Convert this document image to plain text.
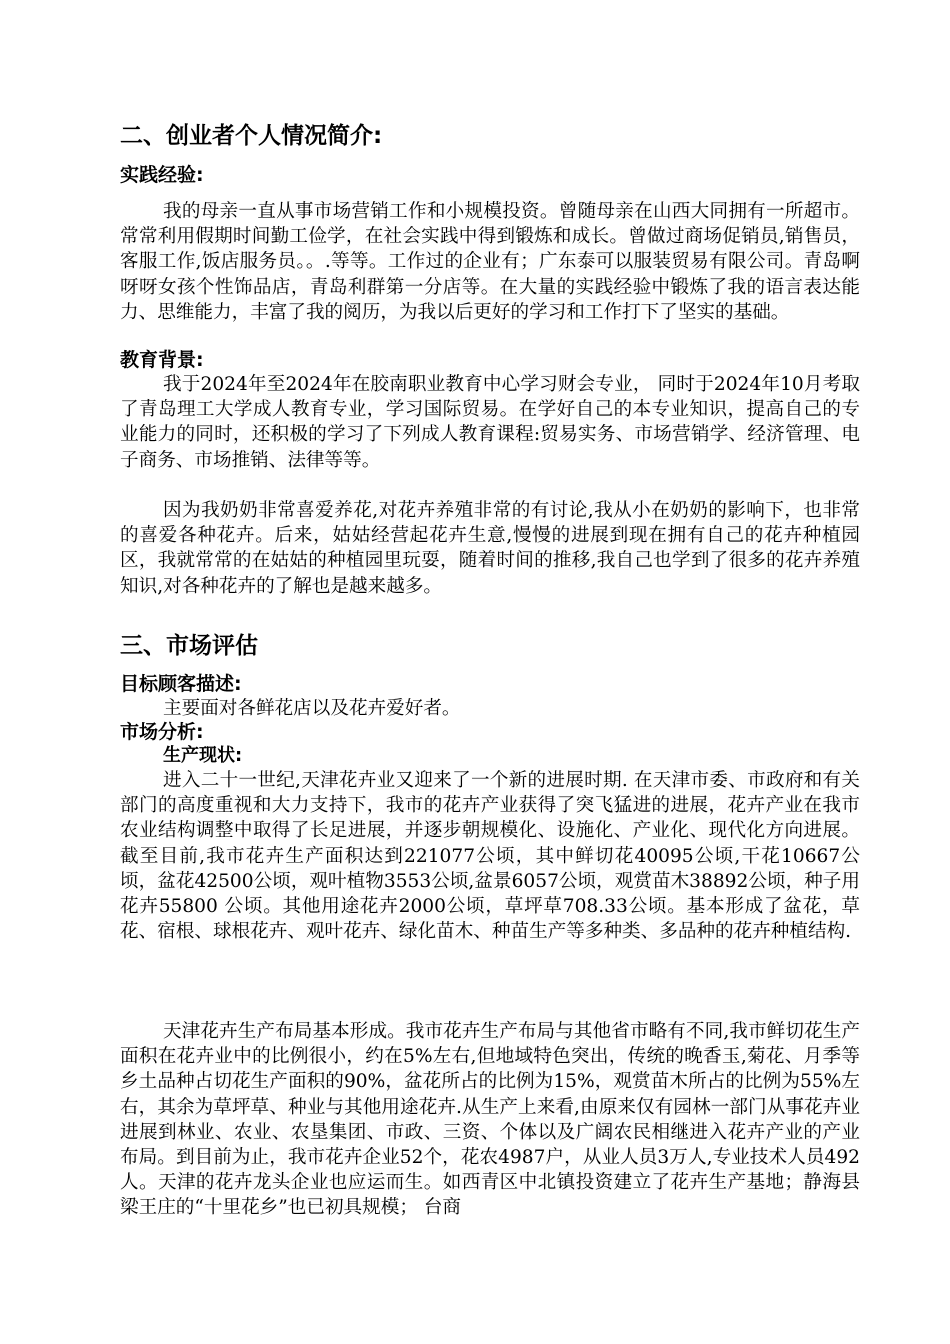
二、创业者个人情况简介:
实践经验:

我的母亲一直从事市场营销工作和小规模投资。曾随母亲在山西大同拥有一所超市。常常利用假期时间勤工俭学，在社会实践中得到锻炼和成长。曾做过商场促销员,销售员，客服工作,饭店服务员。。.等等。工作过的企业有；广东泰可以服装贸易有限公司。青岛啊呀呀女孩个性饰品店，青岛利群第一分店等。在大量的实践经验中锻炼了我的语言表达能力、思维能力，丰富了我的阅历，为我以后更好的学习和工作打下了坚实的基础。

教育背景:

我于2024年至2024年在胶南职业教育中心学习财会专业， 同时于2024年10月考取了青岛理工大学成人教育专业，学习国际贸易。在学好自己的本专业知识，提高自己的专业能力的同时，还积极的学习了下列成人教育课程:贸易实务、市场营销学、经济管理、电子商务、市场推销、法律等等。

因为我奶奶非常喜爱养花,对花卉养殖非常的有讨论,我从小在奶奶的影响下，也非常的喜爱各种花卉。后来，姑姑经营起花卉生意,慢慢的进展到现在拥有自己的花卉种植园区，我就常常的在姑姑的种植园里玩耍，随着时间的推移,我自己也学到了很多的花卉养殖知识,对各种花卉的了解也是越来越多。

三、市场评估
目标顾客描述:
主要面对各鲜花店以及花卉爱好者。
市场分析:
生产现状:

进入二十一世纪,天津花卉业又迎来了一个新的进展时期. 在天津市委、市政府和有关部门的高度重视和大力支持下，我市的花卉产业获得了突飞猛进的进展，花卉产业在我市农业结构调整中取得了长足进展，并逐步朝规模化、设施化、产业化、现代化方向进展。截至目前,我市花卉生产面积达到221077公顷，其中鲜切花40095公顷,干花10667公顷，盆花42500公顷，观叶植物3553公顷,盆景6057公顷，观赏苗木38892公顷，种子用花卉55800 公顷。其他用途花卉2000公顷，草坪草708.33公顷。基本形成了盆花，草花、宿根、球根花卉、观叶花卉、绿化苗木、种苗生产等多种类、多品种的花卉种植结构.

天津花卉生产布局基本形成。我市花卉生产布局与其他省市略有不同,我市鲜切花生产面积在花卉业中的比例很小，约在5%左右,但地域特色突出，传统的晚香玉,菊花、月季等乡土品种占切花生产面积的90%，盆花所占的比例为15%，观赏苗木所占的比例为55%左右，其余为草坪草、种业与其他用途花卉.从生产上来看,由原来仅有园林一部门从事花卉业进展到林业、农业、农垦集团、市政、三资、个体以及广阔农民相继进入花卉产业的产业布局。到目前为止，我市花卉企业52个，花农4987户，从业人员3万人,专业技术人员492人。天津的花卉龙头企业也应运而生。如西青区中北镇投资建立了花卉生产基地；静海县梁王庄的“十里花乡”也已初具规模； 台商
